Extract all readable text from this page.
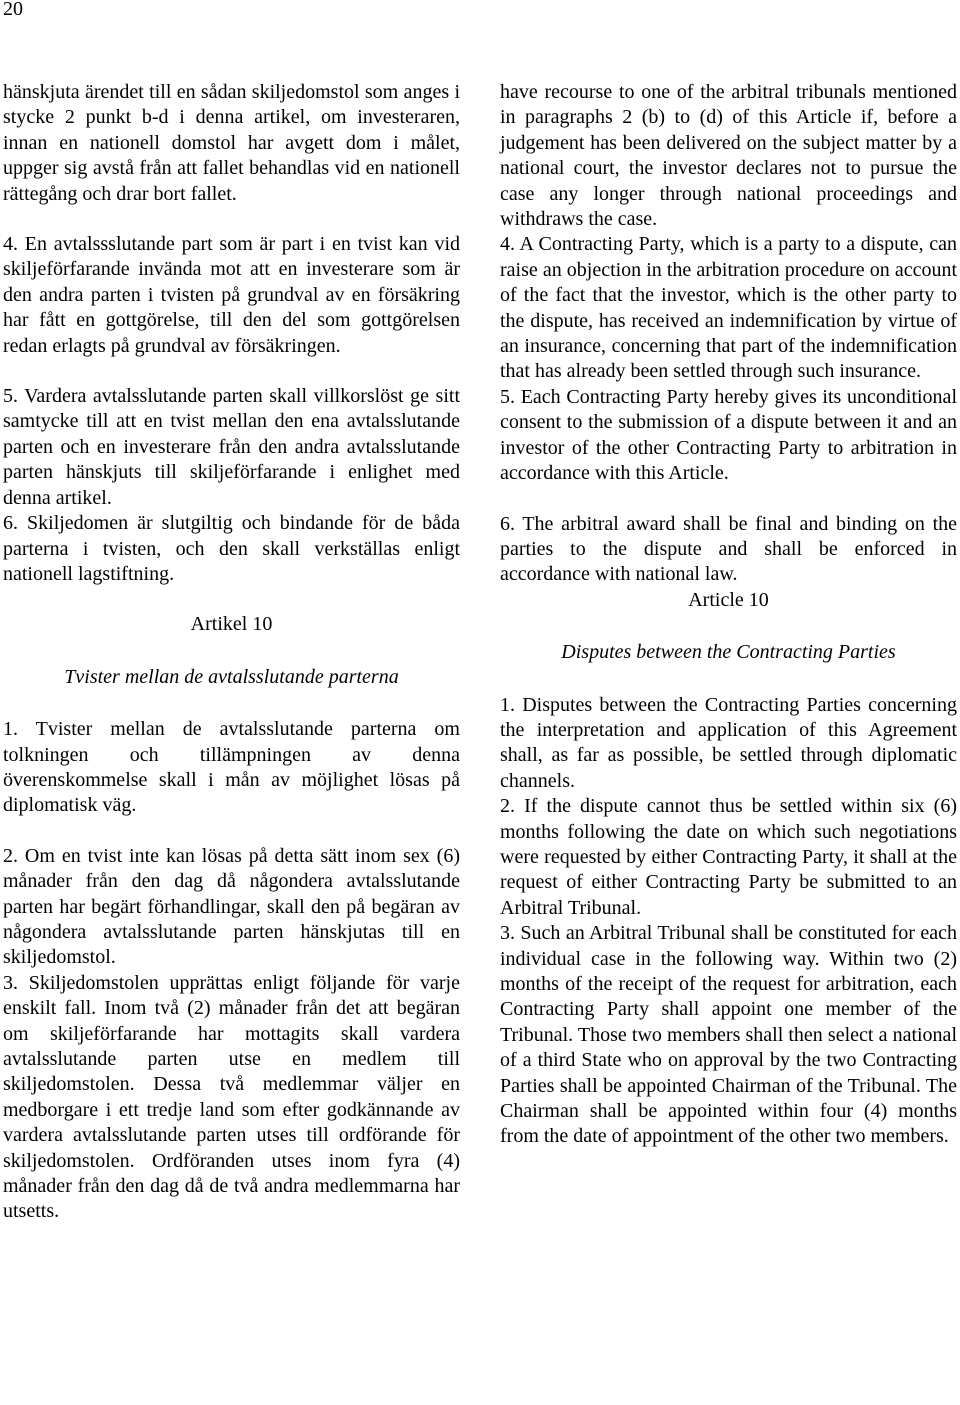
20

hänskjuta ärendet till en sådan skiljedomstol som anges i stycke 2 punkt b-d i denna artikel, om investeraren, innan en nationell domstol har avgett dom i målet, uppger sig avstå från att fallet behandlas vid en nationell rättegång och drar bort fallet.

4. En avtalssslutande part som är part i en tvist kan vid skiljeförfarande invända mot att en investerare som är den andra parten i tvisten på grundval av en försäkring har fått en gottgörelse, till den del som gottgörelsen redan erlagts på grundval av försäkringen.

5. Vardera avtalsslutande parten skall villkorslöst ge sitt samtycke till att en tvist mellan den ena avtalsslutande parten och en investerare från den andra avtalsslutande parten hänskjuts till skiljeförfarande i enlighet med denna artikel.

6. Skiljedomen är slutgiltig och bindande för de båda parterna i tvisten, och den skall verkställas enligt nationell lagstiftning.

Artikel 10

Tvister mellan de avtalsslutande parterna

1. Tvister mellan de avtalsslutande parterna om tolkningen och tillämpningen av denna överenskommelse skall i mån av möjlighet lösas på diplomatisk väg.

2. Om en tvist inte kan lösas på detta sätt inom sex (6) månader från den dag då någondera avtalsslutande parten har begärt förhandlingar, skall den på begäran av någondera avtalsslutande parten hänskjutas till en skiljedomstol.

3. Skiljedomstolen upprättas enligt följande för varje enskilt fall. Inom två (2) månader från det att begäran om skiljeförfarande har mottagits skall vardera avtalsslutande parten utse en medlem till skiljedomstolen. Dessa två medlemmar väljer en medborgare i ett tredje land som efter godkännande av vardera avtalsslutande parten utses till ordförande för skiljedomstolen. Ordföranden utses inom fyra (4) månader från den dag då de två andra medlemmarna har utsetts.

have recourse to one of the arbitral tribunals mentioned in paragraphs 2 (b) to (d) of this Article if, before a judgement has been delivered on the subject matter by a national court, the investor declares not to pursue the case any longer through national proceedings and withdraws the case.

4. A Contracting Party, which is a party to a dispute, can raise an objection in the arbitration procedure on account of the fact that the investor, which is the other party to the dispute, has received an indemnification by virtue of an insurance, concerning that part of the indemnification that has already been settled through such insurance.

5. Each Contracting Party hereby gives its unconditional consent to the submission of a dispute between it and an investor of the other Contracting Party to arbitration in accordance with this Article.

6. The arbitral award shall be final and binding on the parties to the dispute and shall be enforced in accordance with national law.

Article 10

Disputes between the Contracting Parties

1. Disputes between the Contracting Parties concerning the interpretation and application of this Agreement shall, as far as possible, be settled through diplomatic channels.

2. If the dispute cannot thus be settled within six (6) months following the date on which such negotiations were requested by either Contracting Party, it shall at the request of either Contracting Party be submitted to an Arbitral Tribunal.

3. Such an Arbitral Tribunal shall be constituted for each individual case in the following way. Within two (2) months of the receipt of the request for arbitration, each Contracting Party shall appoint one member of the Tribunal. Those two members shall then select a national of a third State who on approval by the two Contracting Parties shall be appointed Chairman of the Tribunal. The Chairman shall be appointed within four (4) months from the date of appointment of the other two members.
